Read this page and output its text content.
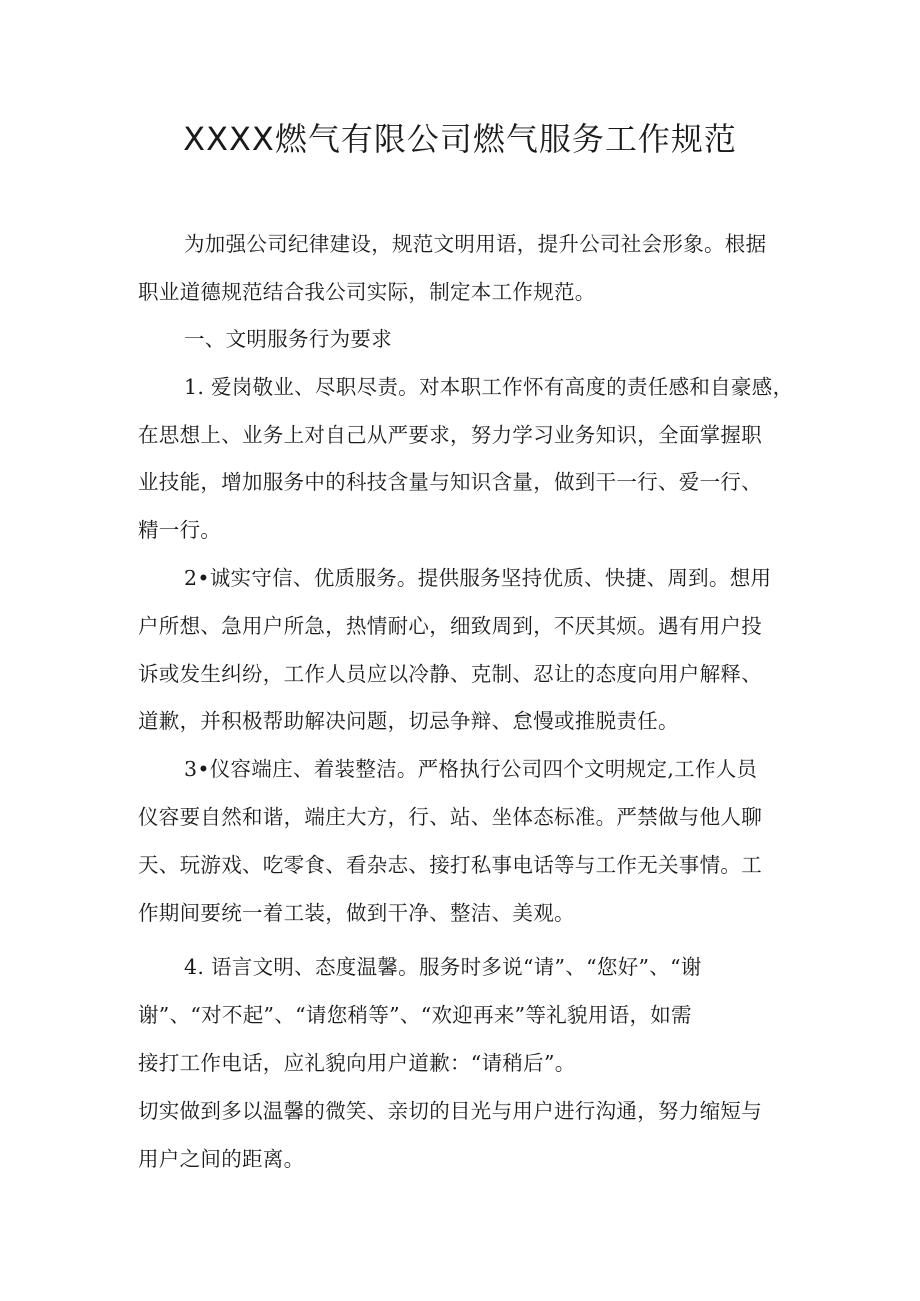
XXXX燃气有限公司燃气服务工作规范
为加强公司纪律建设，规范文明用语，提升公司社会形象。根据
职业道德规范结合我公司实际，制定本工作规范。
一、文明服务行为要求
1. 爱岗敬业、尽职尽责。对本职工作怀有高度的责任感和自豪感，
在思想上、业务上对自己从严要求，努力学习业务知识，全面掌握职
业技能，增加服务中的科技含量与知识含量，做到干一行、爱一行、
精一行。
2•诚实守信、优质服务。提供服务坚持优质、快捷、周到。想用
户所想、急用户所急，热情耐心，细致周到，不厌其烦。遇有用户投
诉或发生纠纷，工作人员应以冷静、克制、忍让的态度向用户解释、
道歉，并积极帮助解决问题，切忌争辩、怠慢或推脱责任。
3•仪容端庄、着装整洁。严格执行公司四个文明规定,工作人员
仪容要自然和谐，端庄大方，行、站、坐体态标准。严禁做与他人聊
天、玩游戏、吃零食、看杂志、接打私事电话等与工作无关事情。工
作期间要统一着工装，做到干净、整洁、美观。
4. 语言文明、态度温馨。服务时多说“请”、“您好”、“谢
谢”、“对不起”、“请您稍等”、“欢迎再来”等礼貌用语，如需
接打工作电话，应礼貌向用户道歉：“请稍后”。
切实做到多以温馨的微笑、亲切的目光与用户进行沟通，努力缩短与
用户之间的距离。
